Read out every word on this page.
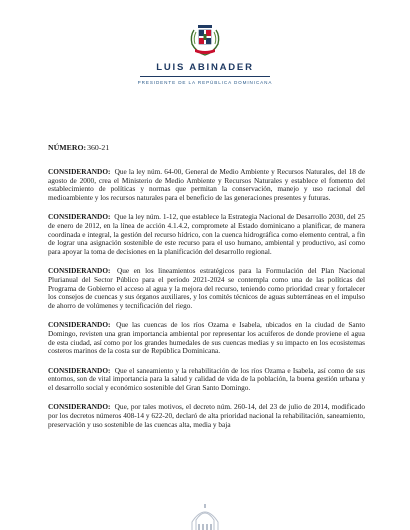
LUIS ABINADER
PRESIDENTE DE LA REPÚBLICA DOMINICANA
NÚMERO:360-21

CONSIDERANDO: Que la ley núm. 64-00, General de Medio Ambiente y Recursos Naturales, del 18 de agosto de 2000, crea el Ministerio de Medio Ambiente y Recursos Naturales y establece el fomento del establecimiento de políticas y normas que permitan la conservación, manejo y uso racional del medioambiente y los recursos naturales para el beneficio de las generaciones presentes y futuras.

CONSIDERANDO: Que la ley núm. 1-12, que establece la Estrategia Nacional de Desarrollo 2030, del 25 de enero de 2012, en la línea de acción 4.1.4.2, compromete al Estado dominicano a planificar, de manera coordinada e integral, la gestión del recurso hídrico, con la cuenca hidrográfica como elemento central, a fin de lograr una asignación sostenible de este recurso para el uso humano, ambiental y productivo, así como para apoyar la toma de decisiones en la planificación del desarrollo regional.

CONSIDERANDO: Que en los lineamientos estratégicos para la Formulación del Plan Nacional Plurianual del Sector Público para el período 2021-2024 se contempla como una de las políticas del Programa de Gobierno el acceso al agua y la mejora del recurso, teniendo como prioridad crear y fortalecer los consejos de cuencas y sus órganos auxiliares, y los comités técnicos de aguas subterráneas en el impulso de ahorro de volúmenes y tecnificación del riego.

CONSIDERANDO: Que las cuencas de los ríos Ozama e Isabela, ubicados en la ciudad de Santo Domingo, revisten una gran importancia ambiental por representar los acuíferos de donde proviene el agua de esta ciudad, así como por los grandes humedales de sus cuencas medias y su impacto en los ecosistemas costeros marinos de la costa sur de República Dominicana.

CONSIDERANDO: Que el saneamiento y la rehabilitación de los ríos Ozama e Isabela, así como de sus entornos, son de vital importancia para la salud y calidad de vida de la población, la buena gestión urbana y el desarrollo social y económico sostenible del Gran Santo Domingo.

CONSIDERANDO: Que, por tales motivos, el decreto núm. 260-14, del 23 de julio de 2014, modificado por los decretos números 408-14 y 622-20, declaró de alta prioridad nacional la rehabilitación, saneamiento, preservación y uso sostenible de las cuencas alta, media y baja
